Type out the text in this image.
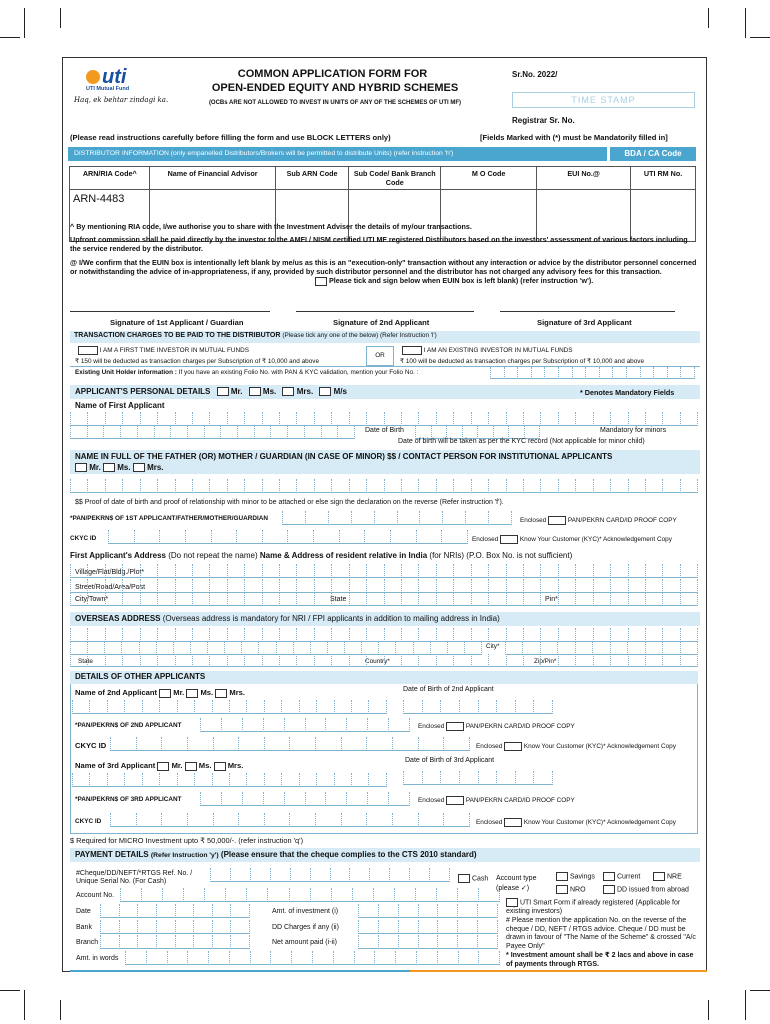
uti
UTI Mutual Fund
Haq, ek behtar zindagi ka.
COMMON APPLICATION FORM FOR
OPEN-ENDED EQUITY AND HYBRID SCHEMES
(OCBs ARE NOT ALLOWED TO INVEST IN UNITS OF ANY OF THE SCHEMES OF UTI MF)
Sr.No. 2022/
TIME STAMP
Registrar Sr. No.
(Please read instructions carefully before filling the form and use BLOCK LETTERS only)	[Fields Marked with (*) must be Mandatorily filled in]
DISTRIBUTOR INFORMATION (only empanelled Distributors/Brokers will be permitted to distribute Units) (refer instruction 'h')	BDA / CA Code
ARN/RIA Code^	Name of Financial Advisor	Sub ARN Code	Sub Code/ Bank Branch Code	M O Code	EUI No.@	UTI RM No.
ARN-4483						
^ By mentioning RIA code, I/we authorise you to share with the Investment Adviser the details of my/our transactions.
Upfront commission shall be paid directly by the investor to the AMFI / NISM certified UTI MF registered Distributors based on the investors' assessment of various factors including the service rendered by the distributor.
@ I/We confirm that the EUIN box is intentionally left blank by me/us as this is an "execution-only" transaction without any interaction or advice by the distributor personnel concerned or notwithstanding the advice of in-appropriateness, if any, provided by such distributor personnel and the distributor has not charged any advisory fees for this transaction.
Please tick and sign below when EUIN box is left blank) (refer instruction 'w').
Signature of 1st Applicant / Guardian	Signature of 2nd Applicant	Signature of 3rd Applicant
TRANSACTION CHARGES TO BE PAID TO THE DISTRIBUTOR (Please tick any one of the below) (Refer Instruction 'l')
I AM A FIRST TIME INVESTOR IN MUTUAL FUNDS
₹ 150 will be deducted as transaction charges per Subscription of ₹ 10,000 and above
OR
I AM AN EXISTING INVESTOR IN MUTUAL FUNDS
₹ 100 will be deducted as transaction charges per Subscription of ₹ 10,000 and above
Existing Unit Holder information : If you have an existing Folio No. with PAN & KYC validation, mention your Folio No. :
APPLICANT'S PERSONAL DETAILS	Mr.	Ms.	Mrs.	M/s	* Denotes Mandatory Fields
Name of First Applicant
Date of Birth	Mandatory for minors
Date of birth will be taken as per the KYC record (Not applicable for minor child)
NAME IN FULL OF THE FATHER (OR) MOTHER / GUARDIAN (IN CASE OF MINOR) $$ / CONTACT PERSON FOR INSTITUTIONAL APPLICANTS
Mr. Ms. Mrs.
$$ Proof of date of birth and proof of relationship with minor to be attached or else sign the declaration on the reverse (Refer instruction 'f').
*PAN/PEKRN$ OF 1ST APPLICANT/FATHER/MOTHER/GUARDIAN	Enclosed	PAN/PEKRN CARD/ID PROOF COPY
CKYC ID	Enclosed	Know Your Customer (KYC)* Acknowledgement Copy
First Applicant's Address (Do not repeat the name) Name & Address of resident relative in India (for NRIs) (P.O. Box No. is not sufficient)
Village/Flat/Bldg./Plot*
Street/Road/Area/Post
City/Town*	State	Pin*
OVERSEAS ADDRESS (Overseas address is mandatory for NRI / FPI applicants in addition to mailing address in India)
City*
State	Country*	Zip/Pin*
DETAILS OF OTHER APPLICANTS
Name of 2nd Applicant Mr. Ms. Mrs.	Date of Birth of 2nd Applicant
*PAN/PEKRN$ OF 2ND APPLICANT	Enclosed	PAN/PEKRN CARD/ID PROOF COPY
CKYC ID	Enclosed	Know Your Customer (KYC)* Acknowledgement Copy
Name of 3rd Applicant Mr. Ms. Mrs.
Date of Birth of 3rd Applicant
*PAN/PEKRN$ OF 3RD APPLICANT	Enclosed	PAN/PEKRN CARD/ID PROOF COPY
CKYC ID	Enclosed	Know Your Customer (KYC)* Acknowledgement Copy
$ Required for MICRO Investment upto ₹ 50,000/-. (refer instruction 'q')
PAYMENT DETAILS (Refer Instruction 'y') (Please ensure that the cheque complies to the CTS 2010 standard)
#Cheque/DD/NEFT/*RTGS Ref. No. / Unique Serial No. (For Cash)
Account No.
Date
Bank
Branch
Amt. in words
Amt. of investment (i)
DD Charges if any (ii)
Net amount paid (i-ii)
Cash Account type (please ✓)
Savings	Current	NRE
NRO	DD issued from abroad
UTI Smart Form if already registered (Applicable for existing investors)
# Please mention the application No. on the reverse of the cheque / DD, NEFT / RTGS advice. Cheque / DD must be drawn in favour of "The Name of the Scheme" & crossed "A/c Payee Only"
* Investment amount shall be ₹ 2 lacs and above in case of payments through RTGS.
